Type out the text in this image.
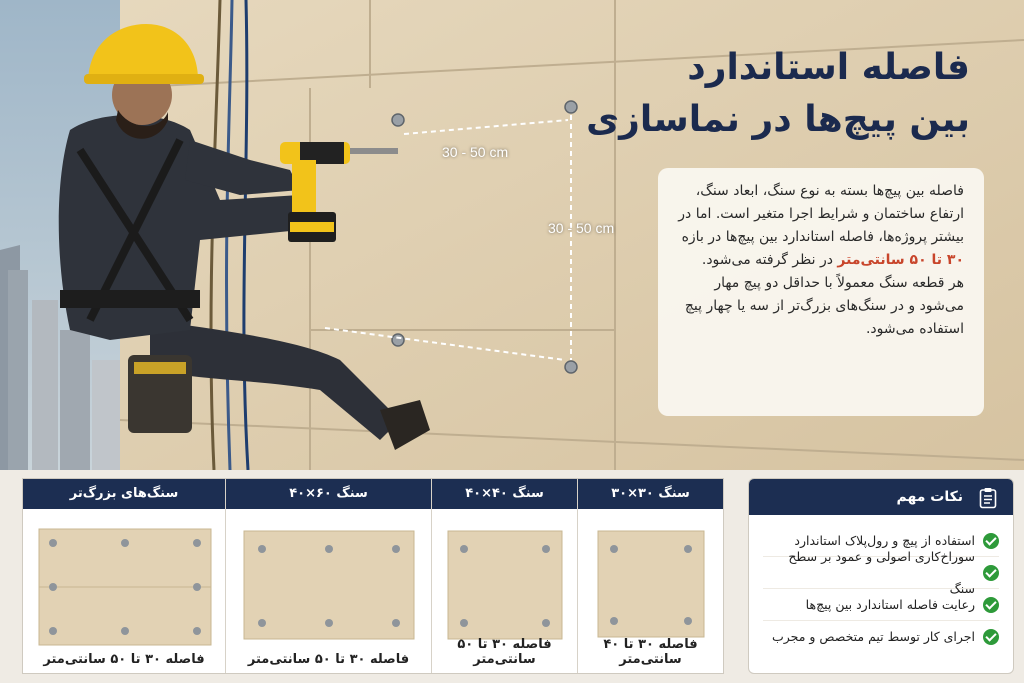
30 - 50 cm
30 - 50 cm
فاصله استاندارد
بین پیچ‌ها در نماسازی

فاصله بین پیچ‌ها بسته به نوع سنگ، ابعاد سنگ، ارتفاع ساختمان و شرایط اجرا متغیر است. اما در بیشتر پروژه‌ها، فاصله استاندارد بین پیچ‌ها در بازه ۳۰ تا ۵۰ سانتی‌متر در نظر گرفته می‌شود.

هر قطعه سنگ معمولاً با حداقل دو پیچ مهار می‌شود و در سنگ‌های بزرگ‌تر از سه یا چهار پیچ استفاده می‌شود.

سنگ ۳۰×۳۰
فاصله ۳۰ تا ۴۰ سانتی‌متر
سنگ ۴۰×۴۰
فاصله ۳۰ تا ۵۰ سانتی‌متر
سنگ ۶۰×۴۰
فاصله ۳۰ تا ۵۰ سانتی‌متر
سنگ‌های بزرگ‌تر
فاصله ۳۰ تا ۵۰ سانتی‌متر
نکات مهم
استفاده از پیچ و رول‌پلاک استاندارد
سوراخ‌کاری اصولی و عمود بر سطح سنگ
رعایت فاصله استاندارد بین پیچ‌ها
اجرای کار توسط تیم متخصص و مجرب
